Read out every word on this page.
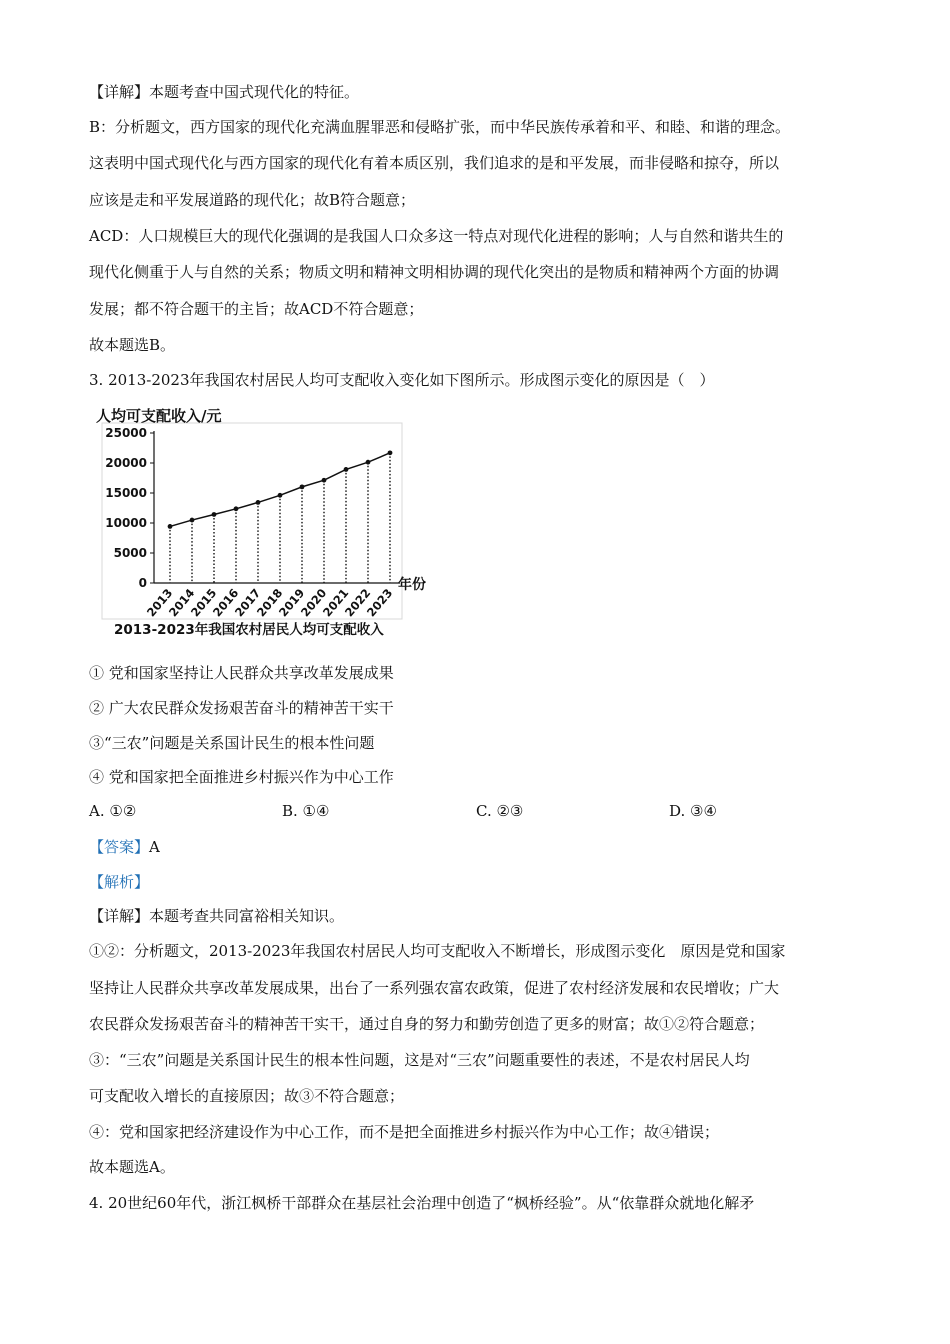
【详解】本题考查中国式现代化的特征。
B：分析题文，西方国家的现代化充满血腥罪恶和侵略扩张，而中华民族传承着和平、和睦、和谐的理念。
这表明中国式现代化与西方国家的现代化有着本质区别，我们追求的是和平发展，而非侵略和掠夺，所以
应该是走和平发展道路的现代化；故B符合题意；
ACD：人口规模巨大的现代化强调的是我国人口众多这一特点对现代化进程的影响；人与自然和谐共生的
现代化侧重于人与自然的关系；物质文明和精神文明相协调的现代化突出的是物质和精神两个方面的协调
发展；都不符合题干的主旨；故ACD不符合题意；
故本题选B。
3. 2013-2023年我国农村居民人均可支配收入变化如下图所示。形成图示变化的原因是（　）
人均可支配收入/元
0
5000
10000
15000
20000
25000
2013
2014
2015
2016
2017
2018
2019
2020
2021
2022
2023
年份
2013-2023年我国农村居民人均可支配收入
① 党和国家坚持让人民群众共享改革发展成果
② 广大农民群众发扬艰苦奋斗的精神苦干实干
③“三农”问题是关系国计民生的根本性问题
④ 党和国家把全面推进乡村振兴作为中心工作
A. ①②	B. ①④	C. ②③	D. ③④
【答案】A
【解析】
【详解】本题考查共同富裕相关知识。
①②：分析题文，2013-2023年我国农村居民人均可支配收入不断增长，形成图示变化　原因是党和国家
坚持让人民群众共享改革发展成果，出台了一系列强农富农政策，促进了农村经济发展和农民增收；广大
农民群众发扬艰苦奋斗的精神苦干实干，通过自身的努力和勤劳创造了更多的财富；故①②符合题意；
③：“三农”问题是关系国计民生的根本性问题，这是对“三农”问题重要性的表述，不是农村居民人均
可支配收入增长的直接原因；故③不符合题意；
④：党和国家把经济建设作为中心工作，而不是把全面推进乡村振兴作为中心工作；故④错误；
故本题选A。
4. 20世纪60年代，浙江枫桥干部群众在基层社会治理中创造了“枫桥经验”。从“依靠群众就地化解矛
